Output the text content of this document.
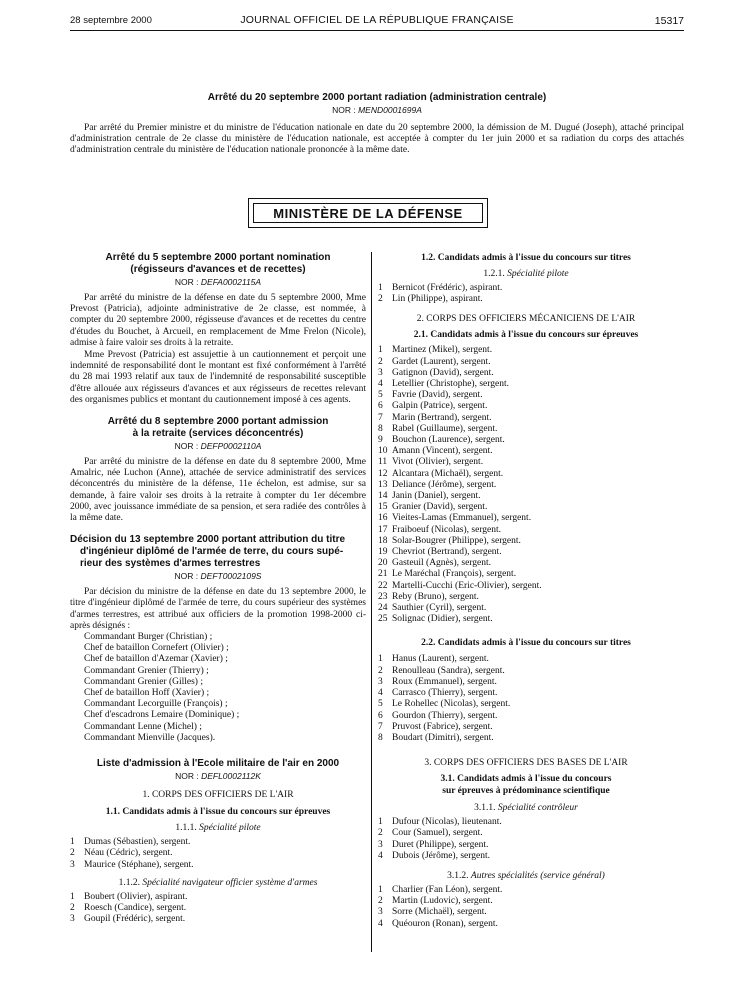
28 septembre 2000	JOURNAL OFFICIEL DE LA RÉPUBLIQUE FRANÇAISE	15317
Arrêté du 20 septembre 2000 portant radiation (administration centrale)
NOR : MEND0001699A

Par arrêté du Premier ministre et du ministre de l'éducation nationale en date du 20 septembre 2000, la démission de M. Dugué (Joseph), attaché principal d'administration centrale de 2e classe du ministère de l'éducation nationale, est acceptée à compter du 1er juin 2000 et sa radiation du corps des attachés d'administration centrale du ministère de l'éducation nationale prononcée à la même date.

MINISTÈRE DE LA DÉFENSE
Arrêté du 5 septembre 2000 portant nomination
(régisseurs d'avances et de recettes)
NOR : DEFA0002115A

Par arrêté du ministre de la défense en date du 5 septembre 2000, Mme Prevost (Patricia), adjointe administrative de 2e classe, est nommée, à compter du 20 septembre 2000, régisseuse d'avances et de recettes du centre d'études du Bouchet, à Arcueil, en remplacement de Mme Frelon (Nicole), admise à faire valoir ses droits à la retraite.

Mme Prevost (Patricia) est assujettie à un cautionnement et perçoit une indemnité de responsabilité dont le montant est fixé conformément à l'arrêté du 28 mai 1993 relatif aux taux de l'indemnité de responsabilité susceptible d'être allouée aux régisseurs d'avances et aux régisseurs de recettes relevant des organismes publics et montant du cautionnement imposé à ces agents.

Arrêté du 8 septembre 2000 portant admission
à la retraite (services déconcentrés)
NOR : DEFP0002110A

Par arrêté du ministre de la défense en date du 8 septembre 2000, Mme Amalric, née Luchon (Anne), attachée de service administratif des services déconcentrés du ministère de la défense, 11e échelon, est admise, sur sa demande, à faire valoir ses droits à la retraite à compter du 1er décembre 2000, avec jouissance immédiate de sa pension, et sera radiée des contrôles à la même date.

Décision du 13 septembre 2000 portant attribution du titre
d'ingénieur diplômé de l'armée de terre, du cours supé-
rieur des systèmes d'armes terrestres
NOR : DEFT0002109S

Par décision du ministre de la défense en date du 13 septembre 2000, le titre d'ingénieur diplômé de l'armée de terre, du cours supérieur des systèmes d'armes terrestres, est attribué aux officiers de la promotion 1998-2000 ci-après désignés :

Commandant Burger (Christian) ;
Chef de bataillon Cornefert (Olivier) ;
Chef de bataillon d'Azemar (Xavier) ;
Commandant Grenier (Thierry) ;
Commandant Grenier (Gilles) ;
Chef de bataillon Hoff (Xavier) ;
Commandant Lecorguille (François) ;
Chef d'escadrons Lemaire (Dominique) ;
Commandant Lenne (Michel) ;
Commandant Mienville (Jacques).
Liste d'admission à l'Ecole militaire de l'air en 2000
NOR : DEFL0002112K
1. CORPS DES OFFICIERS DE L'AIR
1.1. Candidats admis à l'issue du concours sur épreuves
1.1.1. Spécialité pilote
1 Dumas (Sébastien), sergent.
2 Néau (Cédric), sergent.
3 Maurice (Stéphane), sergent.
1.1.2. Spécialité navigateur officier système d'armes
1 Boubert (Olivier), aspirant.
2 Roesch (Candice), sergent.
3 Goupil (Frédéric), sergent.
1.2. Candidats admis à l'issue du concours sur titres
1.2.1. Spécialité pilote
1 Bernicot (Frédéric), aspirant.
2 Lin (Philippe), aspirant.
2. CORPS DES OFFICIERS MÉCANICIENS DE L'AIR
2.1. Candidats admis à l'issue du concours sur épreuves
1 Martinez (Mikel), sergent.
2 Gardet (Laurent), sergent.
3 Gatignon (David), sergent.
4 Letellier (Christophe), sergent.
5 Favrie (David), sergent.
6 Galpin (Patrice), sergent.
7 Marin (Bertrand), sergent.
8 Rabel (Guillaume), sergent.
9 Bouchon (Laurence), sergent.
10 Amann (Vincent), sergent.
11 Vivot (Olivier), sergent.
12 Alcantara (Michaël), sergent.
13 Deliance (Jérôme), sergent.
14 Janin (Daniel), sergent.
15 Granier (David), sergent.
16 Vieites-Lamas (Emmanuel), sergent.
17 Fraiboeuf (Nicolas), sergent.
18 Solar-Bougrer (Philippe), sergent.
19 Chevriot (Bertrand), sergent.
20 Gasteuil (Agnès), sergent.
21 Le Maréchal (François), sergent.
22 Martelli-Cucchi (Eric-Olivier), sergent.
23 Reby (Bruno), sergent.
24 Sauthier (Cyril), sergent.
25 Solignac (Didier), sergent.
2.2. Candidats admis à l'issue du concours sur titres
1 Hanus (Laurent), sergent.
2 Renoulleau (Sandra), sergent.
3 Roux (Emmanuel), sergent.
4 Carrasco (Thierry), sergent.
5 Le Rohellec (Nicolas), sergent.
6 Gourdon (Thierry), sergent.
7 Pruvost (Fabrice), sergent.
8 Boudart (Dimitri), sergent.
3. CORPS DES OFFICIERS DES BASES DE L'AIR
3.1. Candidats admis à l'issue du concours
sur épreuves à prédominance scientifique
3.1.1. Spécialité contrôleur
1 Dufour (Nicolas), lieutenant.
2 Cour (Samuel), sergent.
3 Duret (Philippe), sergent.
4 Dubois (Jérôme), sergent.
3.1.2. Autres spécialités (service général)
1 Charlier (Fan Léon), sergent.
2 Martin (Ludovic), sergent.
3 Sorre (Michaël), sergent.
4 Quéouron (Ronan), sergent.
